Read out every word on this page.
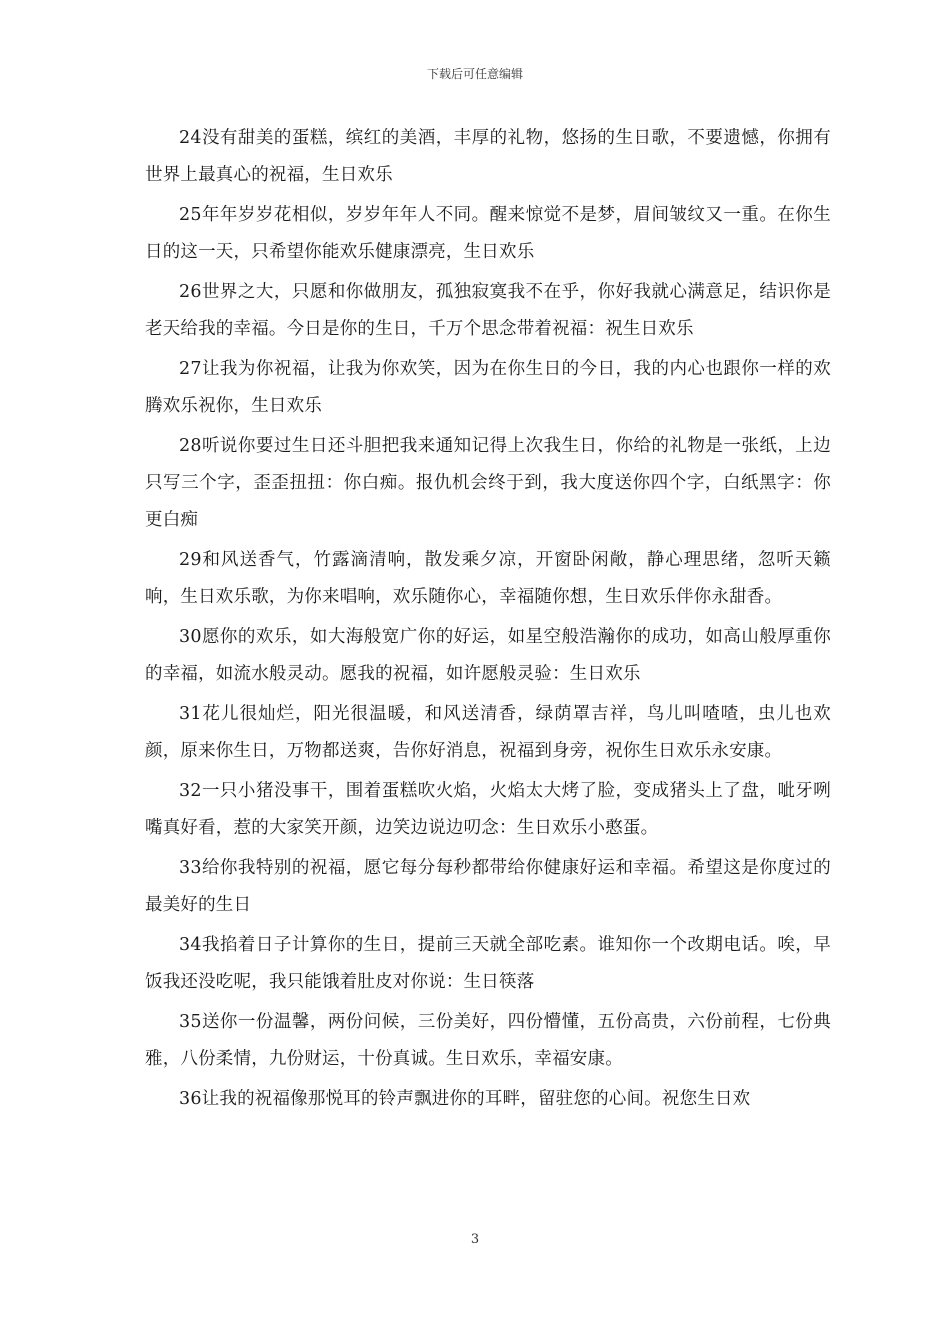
下载后可任意编辑

24没有甜美的蛋糕，缤红的美酒，丰厚的礼物，悠扬的生日歌，不要遗憾，你拥有世界上最真心的祝福，生日欢乐

25年年岁岁花相似，岁岁年年人不同。醒来惊觉不是梦，眉间皱纹又一重。在你生日的这一天，只希望你能欢乐健康漂亮，生日欢乐

26世界之大，只愿和你做朋友，孤独寂寞我不在乎，你好我就心满意足，结识你是老天给我的幸福。今日是你的生日，千万个思念带着祝福：祝生日欢乐

27让我为你祝福，让我为你欢笑，因为在你生日的今日，我的内心也跟你一样的欢腾欢乐祝你，生日欢乐

28听说你要过生日还斗胆把我来通知记得上次我生日，你给的礼物是一张纸，上边只写三个字，歪歪扭扭：你白痴。报仇机会终于到，我大度送你四个字，白纸黑字：你更白痴

29和风送香气，竹露滴清响，散发乘夕凉，开窗卧闲敞，静心理思绪，忽听天籁响，生日欢乐歌，为你来唱响，欢乐随你心，幸福随你想，生日欢乐伴你永甜香。

30愿你的欢乐，如大海般宽广你的好运，如星空般浩瀚你的成功，如高山般厚重你的幸福，如流水般灵动。愿我的祝福，如许愿般灵验：生日欢乐

31花儿很灿烂，阳光很温暖，和风送清香，绿荫罩吉祥，鸟儿叫喳喳，虫儿也欢颜，原来你生日，万物都送爽，告你好消息，祝福到身旁，祝你生日欢乐永安康。

32一只小猪没事干，围着蛋糕吹火焰，火焰太大烤了脸，变成猪头上了盘，呲牙咧嘴真好看，惹的大家笑开颜，边笑边说边叨念：生日欢乐小憨蛋。

33给你我特别的祝福，愿它每分每秒都带给你健康好运和幸福。希望这是你度过的最美好的生日

34我掐着日子计算你的生日，提前三天就全部吃素。谁知你一个改期电话。唉，早饭我还没吃呢，我只能饿着肚皮对你说：生日筷落

35送你一份温馨，两份问候，三份美好，四份懵懂，五份高贵，六份前程，七份典雅，八份柔情，九份财运，十份真诚。生日欢乐，幸福安康。

36让我的祝福像那悦耳的铃声飘进你的耳畔，留驻您的心间。祝您生日欢

3
